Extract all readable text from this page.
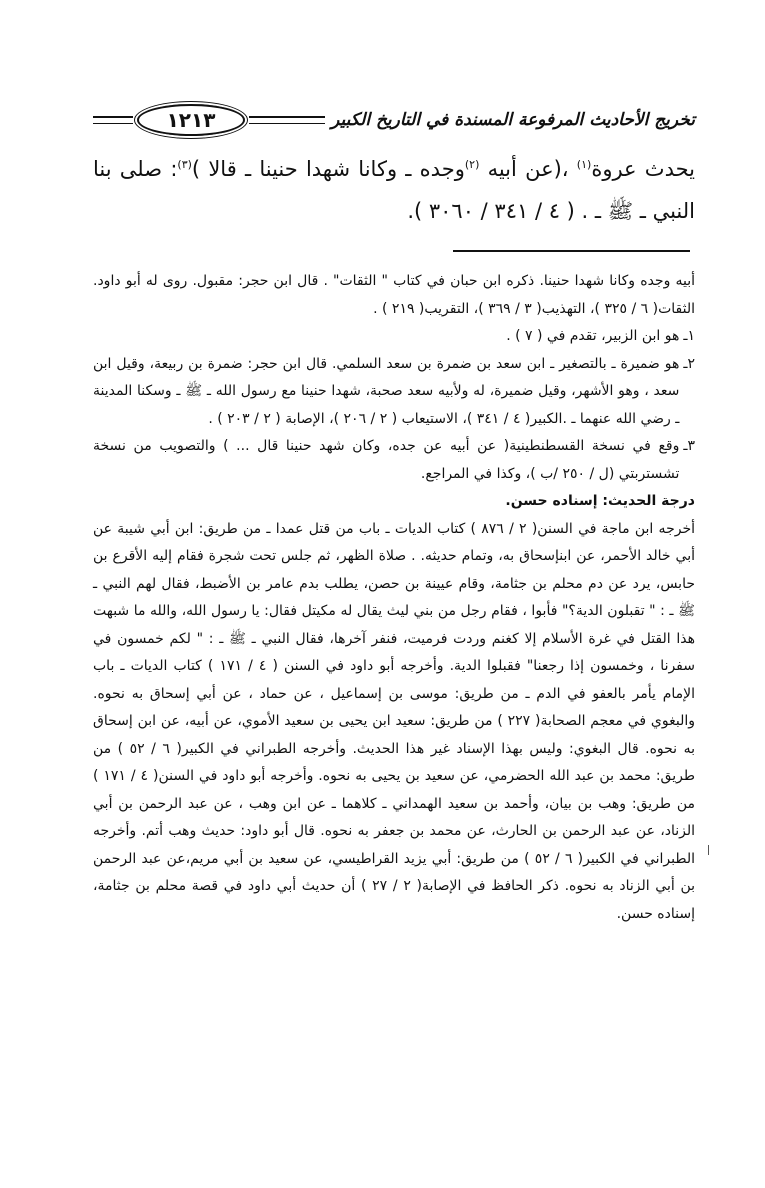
تخريج الأحاديث المرفوعة المسندة في التاريخ الكبير
١٢١٣
يحدث عروة$^{(١)}$ ،(عن أبيه $^{(٢)}$وجده ـ وكانا شهدا حنينا ـ قالا )$^{(٣)}$: صلى بنا النبي ـ ﷺ ـ . ( ٤ / ٣٤١ / ٣٠٦٠ ).

أبيه وجده وكانا شهدا حنينا. ذكره ابن حبان في كتاب " الثقات" . قال ابن حجر: مقبول. روى له أبو داود. الثقات( ٦ / ٣٢٥ )، التهذيب( ٣ / ٣٦٩ )، التقريب( ٢١٩ ) .

١ـ
هو ابن الزبير، تقدم في ( ٧ ) .
٢ـ
هو ضميرة ـ بالتصغير ـ ابن سعد بن ضمرة بن سعد السلمي. قال ابن حجر: ضمرة بن ربيعة، وقيل ابن سعد ، وهو الأشهر، وقيل ضميرة، له ولأبيه سعد صحبة، شهدا حنينا مع رسول الله ـ ﷺ ـ وسكنا المدينة ـ رضي الله عنهما ـ .الكبير( ٤ / ٣٤١ )، الاستيعاب ( ٢ / ٢٠٦ )، الإصابة ( ٢ / ٢٠٣ ) .
٣ـ
وقع في نسخة القسطنطينية( عن أبيه عن جده، وكان شهد حنينا قال ... ) والتصويب من نسخة تشستربتي (ل / ٢٥٠ /ب )، وكذا في المراجع.

درجة الحديث: إسناده حسن.

أخرجه ابن ماجة في السنن( ٢ / ٨٧٦ ) كتاب الديات ـ باب من قتل عمدا ـ من طريق: ابن أبي شيبة عن أبي خالد الأحمر، عن ابنإسحاق به، وتمام حديثه. . صلاة الظهر، ثم جلس تحت شجرة فقام إليه الأقرع بن حابس، يرد عن دم محلم بن جثامة، وقام عيينة بن حصن، يطلب بدم عامر بن الأضبط، فقال لهم النبي ـ ﷺ ـ : " تقبلون الدية؟" فأبوا ، فقام رجل من بني ليث يقال له مكيتل فقال: يا رسول الله، والله ما شبهت هذا القتل في غرة الأسلام إلا كغنم وردت فرميت، فنفر آخرها، فقال النبي ـ ﷺ ـ : " لكم خمسون في سفرنا ، وخمسون إذا رجعنا" فقبلوا الدية. وأخرجه أبو داود في السنن ( ٤ / ١٧١ ) كتاب الديات ـ باب الإمام يأمر بالعفو في الدم ـ من طريق: موسى بن إسماعيل ، عن حماد ، عن أبي إسحاق به نحوه. والبغوي في معجم الصحابة( ٢٢٧ ) من طريق: سعيد ابن يحيى بن سعيد الأموي، عن أبيه، عن ابن إسحاق به نحوه. قال البغوي: وليس بهذا الإسناد غير هذا الحديث. وأخرجه الطبراني في الكبير( ٦ / ٥٢ ) من طريق: محمد بن عبد الله الحضرمي، عن سعيد بن يحيى به نحوه. وأخرجه أبو داود في السنن( ٤ / ١٧١ ) من طريق: وهب بن بيان، وأحمد بن سعيد الهمداني ـ كلاهما ـ عن ابن وهب ، عن عبد الرحمن بن أبي الزناد، عن عبد الرحمن بن الحارث، عن محمد بن جعفر به نحوه. قال أبو داود: حديث وهب أتم. وأخرجه الطبراني في الكبير( ٦ / ٥٢ ) من طريق: أبي يزيد القراطيسي، عن سعيد بن أبي مريم،عن عبد الرحمن بن أبي الزناد به نحوه. ذكر الحافظ في الإصابة( ٢ / ٢٧ ) أن حديث أبي داود في قصة محلم بن جثامة، إسناده حسن.
